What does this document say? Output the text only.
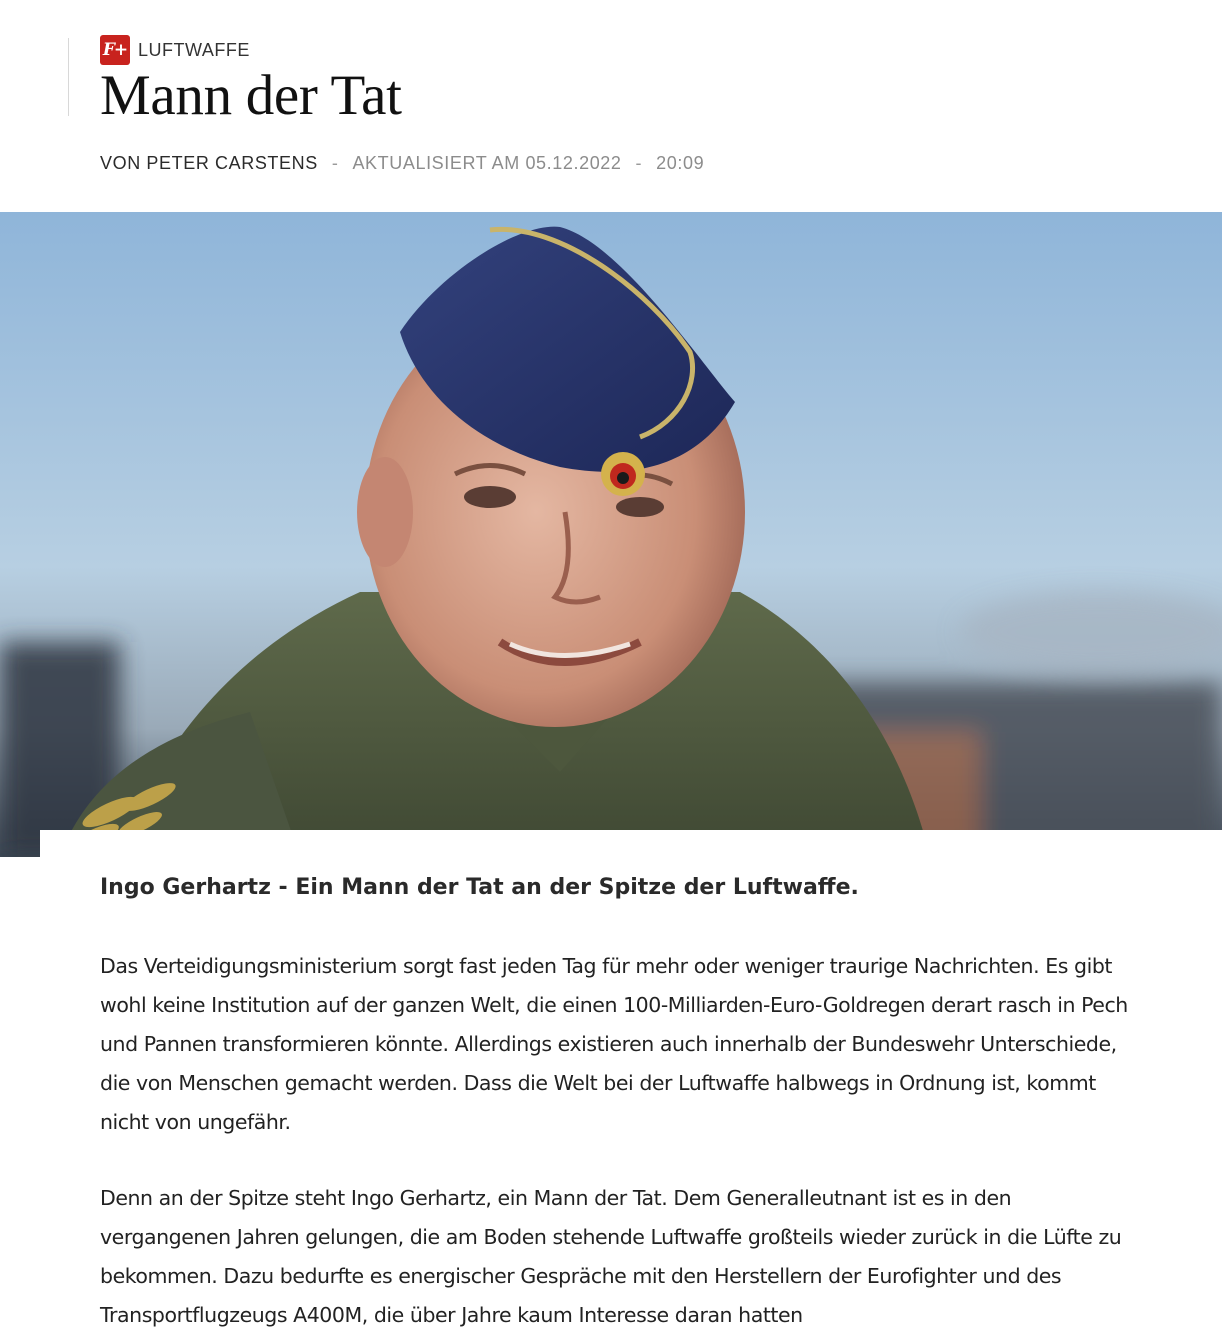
F+ LUFTWAFFE
Mann der Tat
VON PETER CARSTENS - AKTUALISIERT AM 05.12.2022 - 20:09

Ingo Gerhartz - Ein Mann der Tat an der Spitze der Luftwaffe.

Das Verteidigungsministerium sorgt fast jeden Tag für mehr oder weniger traurige Nachrichten. Es gibt wohl keine Institution auf der ganzen Welt, die einen 100-Milliarden-Euro-Goldregen derart rasch in Pech und Pannen transformieren könnte. Allerdings existieren auch innerhalb der Bundeswehr Unterschiede, die von Menschen gemacht werden. Dass die Welt bei der Luftwaffe halbwegs in Ordnung ist, kommt nicht von ungefähr.

Denn an der Spitze steht Ingo Gerhartz, ein Mann der Tat. Dem Generalleutnant ist es in den vergangenen Jahren gelungen, die am Boden stehende Luftwaffe großteils wieder zurück in die Lüfte zu bekommen. Dazu bedurfte es energischer Gespräche mit den Herstellern der Eurofighter und des Transportflugzeugs A400M, die über Jahre kaum Interesse daran hatten
